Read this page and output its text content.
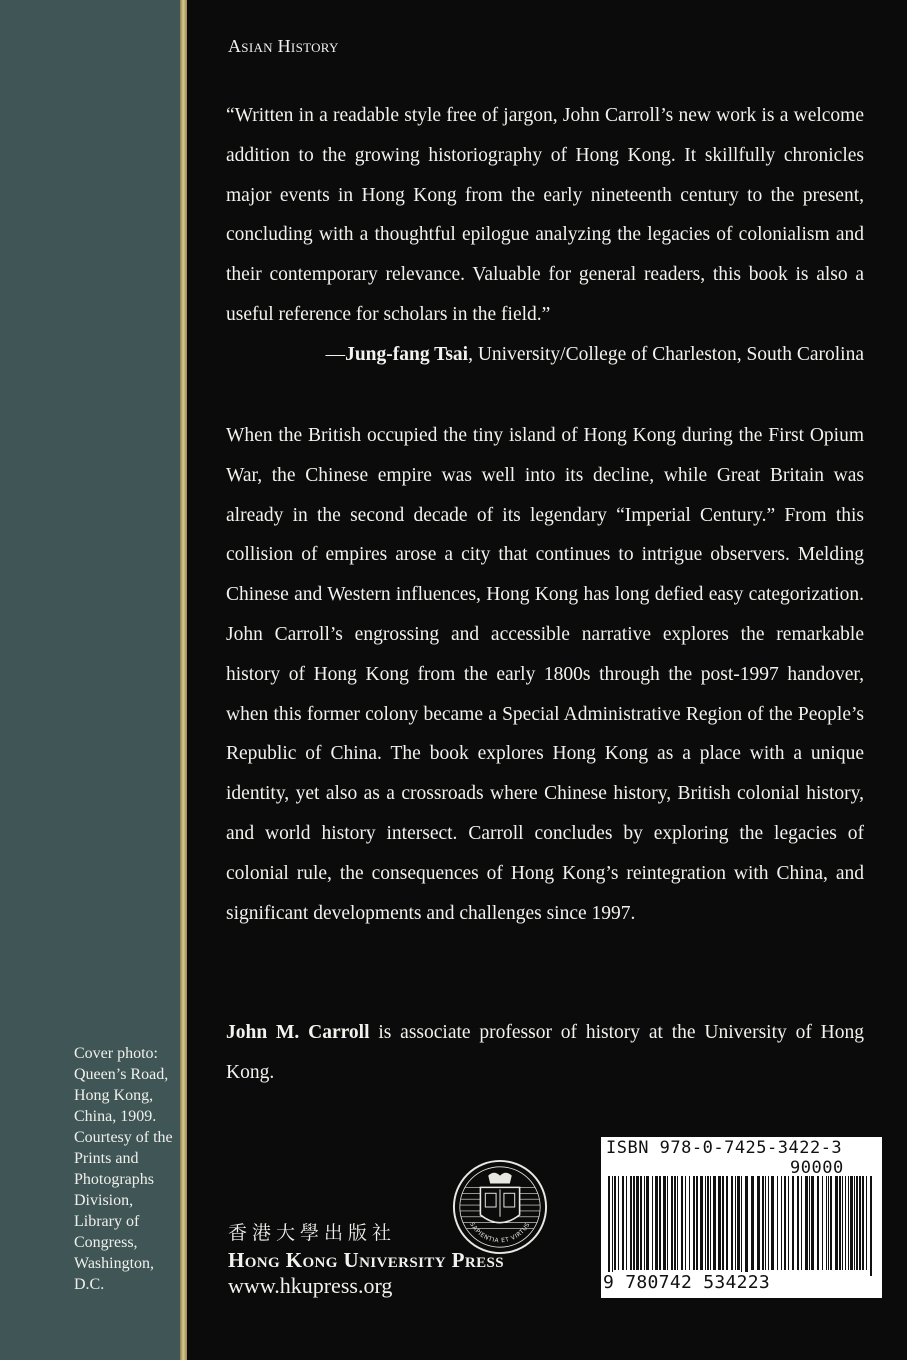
Cover photo: Queen’s Road, Hong Kong, China, 1909. Courtesy of the Prints and Photographs Division, Library of Congress, Washington, D.C.
Asian History
“Written in a readable style free of jargon, John Carroll’s new work is a welcome addition to the growing historiography of Hong Kong. It skillfully chronicles major events in Hong Kong from the early nineteenth century to the present, concluding with a thoughtful epilogue analyzing the legacies of colonialism and their contemporary relevance. Valuable for general readers, this book is also a useful reference for scholars in the field.”
—Jung-fang Tsai, University/College of Charleston, South Carolina
When the British occupied the tiny island of Hong Kong during the First Opium War, the Chinese empire was well into its decline, while Great Britain was already in the second decade of its legendary “Imperial Century.” From this collision of empires arose a city that continues to intrigue observers. Melding Chinese and Western influences, Hong Kong has long defied easy categorization. John Carroll’s engrossing and accessible narrative explores the remarkable history of Hong Kong from the early 1800s through the post-1997 handover, when this former colony became a Special Administrative Region of the People’s Republic of China. The book explores Hong Kong as a place with a unique identity, yet also as a crossroads where Chinese history, British colonial history, and world history intersect. Carroll concludes by exploring the legacies of colonial rule, the consequences of Hong Kong’s reintegration with China, and significant developments and challenges since 1997.
John M. Carroll is associate professor of history at the University of Hong Kong.
SAPIENTIA ET VIRTUS
香港大學出版社
Hong Kong University Press
www.hkupress.org
ISBN 978-0-7425-3422-3
90000
9 780742 534223
